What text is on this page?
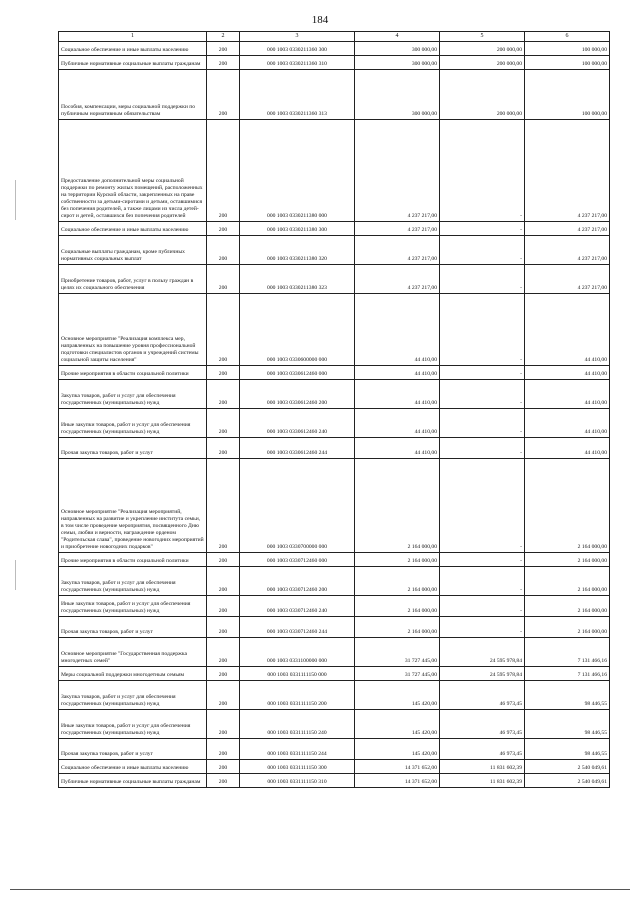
184
1	2	3	4	5	6
Социальное обеспечение и иные выплаты населению	200	000 1003 0330211360 300	300 000,00	200 000,00	100 000,00
Публичные нормативные социальные выплаты гражданам	200	000 1003 0330211360 310	300 000,00	200 000,00	100 000,00
Пособия, компенсации, меры социальной поддержки по публичным нормативным обязательствам	200	000 1003 0330211360 313	300 000,00	200 000,00	100 000,00
Предоставление дополнительной меры социальной поддержки по ремонту жилых помещений, расположенных на территории Курской области, закрепленных на праве собственности за детьми-сиротами и детьми, оставшимися без попечения родителей, а также лицами из числа детей-сирот и детей, оставшихся без попечения родителей	200	000 1003 0330211380 000	4 237 217,00	-	4 237 217,00
Социальное обеспечение и иные выплаты населению	200	000 1003 0330211380 300	4 237 217,00	-	4 237 217,00
Социальные выплаты гражданам, кроме публичных нормативных социальных выплат	200	000 1003 0330211380 320	4 237 217,00	-	4 237 217,00
Приобретение товаров, работ, услуг в пользу граждан в целях их социального обеспечения	200	000 1003 0330211380 323	4 237 217,00	-	4 237 217,00
Основное мероприятие "Реализация комплекса мер, направленных на повышение уровня профессиональной подготовки специалистов органов и учреждений системы социальной защиты населения"	200	000 1003 0330600000 000	44 410,00	-	44 410,00
Прочие мероприятия в области социальной политики	200	000 1003 0330612460 000	44 410,00	-	44 410,00
Закупка товаров, работ и услуг для обеспечения государственных (муниципальных) нужд	200	000 1003 0330612460 200	44 410,00	-	44 410,00
Иные закупки товаров, работ и услуг для обеспечения государственных (муниципальных) нужд	200	000 1003 0330612460 240	44 410,00	-	44 410,00
Прочая закупка товаров, работ и услуг	200	000 1003 0330612460 244	44 410,00	-	44 410,00
Основное мероприятие "Реализация мероприятий, направленных на развитие и укрепление института семьи, в том числе проведение мероприятия, посвященного Дню семьи, любви и верности, награждение орденом "Родительская слава", проведение новогодних мероприятий и приобретение новогодних подарков"	200	000 1003 0330700000 000	2 164 000,00	-	2 164 000,00
Прочие мероприятия в области социальной политики	200	000 1003 0330712460 000	2 164 000,00	-	2 164 000,00
Закупка товаров, работ и услуг для обеспечения государственных (муниципальных) нужд	200	000 1003 0330712460 200	2 164 000,00	-	2 164 000,00
Иные закупки товаров, работ и услуг для обеспечения государственных (муниципальных) нужд	200	000 1003 0330712460 240	2 164 000,00	-	2 164 000,00
Прочая закупка товаров, работ и услуг	200	000 1003 0330712460 244	2 164 000,00	-	2 164 000,00
Основное мероприятие "Государственная поддержка многодетных семей"	200	000 1003 0331100000 000	31 727 445,00	24 595 978,84	7 131 466,16
Меры социальной поддержки многодетным семьям	200	000 1003 0331111150 000	31 727 445,00	24 595 978,84	7 131 466,16
Закупка товаров, работ и услуг для обеспечения государственных (муниципальных) нужд	200	000 1003 0331111150 200	145 420,00	46 973,45	98 446,55
Иные закупки товаров, работ и услуг для обеспечения государственных (муниципальных) нужд	200	000 1003 0331111150 240	145 420,00	46 973,45	98 446,55
Прочая закупка товаров, работ и услуг	200	000 1003 0331111150 244	145 420,00	46 973,45	98 446,55
Социальное обеспечение и иные выплаты населению	200	000 1003 0331111150 300	14 371 652,00	11 831 602,39	2 540 049,61
Публичные нормативные социальные выплаты гражданам	200	000 1003 0331111150 310	14 371 652,00	11 831 602,39	2 540 049,61
